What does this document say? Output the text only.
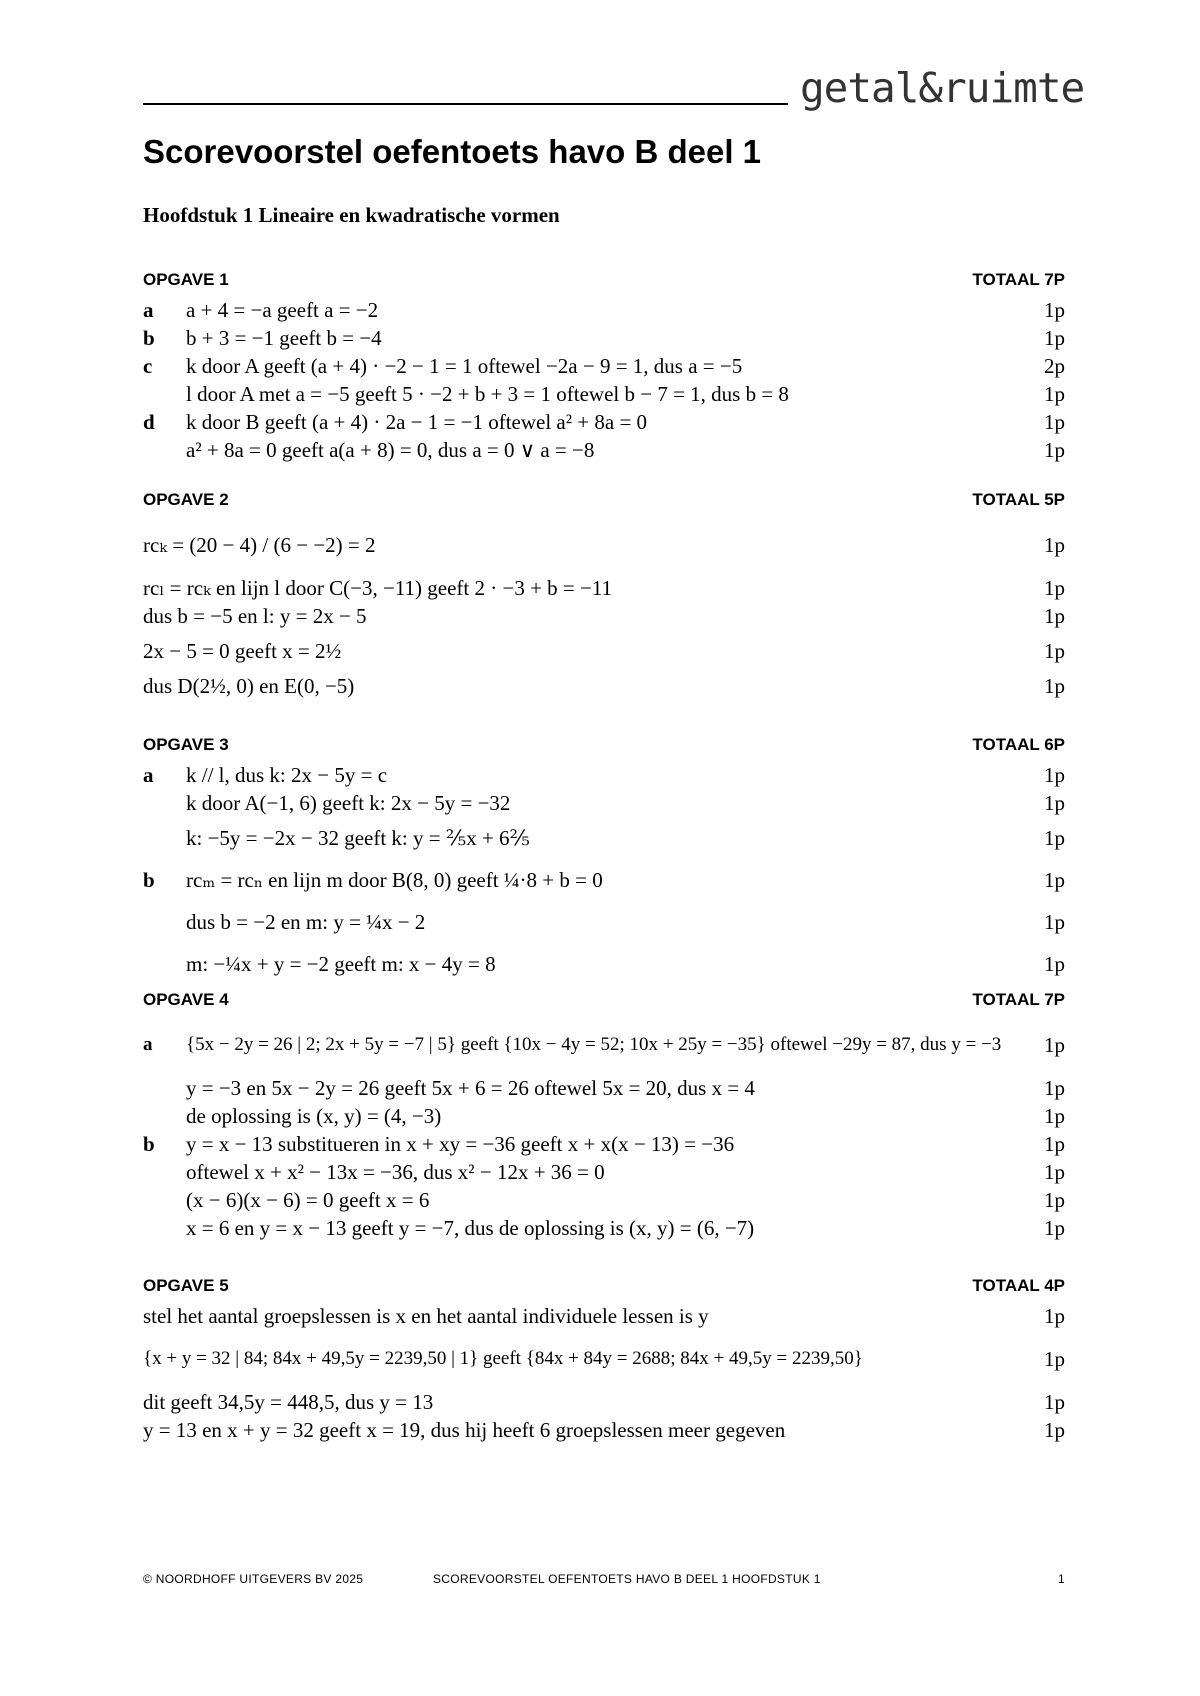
getal&ruimte
Scorevoorstel oefentoets havo B deel 1
Hoofdstuk 1 Lineaire en kwadratische vormen
OPGAVE 1	TOTAAL 7P
a a + 4 = −a geeft a = −2	1p
b b + 3 = −1 geeft b = −4	1p
c k door A geeft (a + 4) · −2 − 1 = 1 oftewel −2a − 9 = 1, dus a = −5	2p
l door A met a = −5 geeft 5 · −2 + b + 3 = 1 oftewel b − 7 = 1, dus b = 8	1p
d k door B geeft (a + 4) · 2a − 1 = −1 oftewel a² + 8a = 0	1p
a² + 8a = 0 geeft a(a + 8) = 0, dus a = 0 ∨ a = −8	1p
OPGAVE 2	TOTAAL 5P
rcₖ = (20 − 4) / (6 − −2) = 2	1p
rcₗ = rcₖ en lijn l door C(−3, −11) geeft 2 · −3 + b = −11	1p
dus b = −5 en l: y = 2x − 5	1p
2x − 5 = 0 geeft x = 2½	1p
dus D(2½, 0) en E(0, −5)	1p
OPGAVE 3	TOTAAL 6P
a k // l, dus k: 2x − 5y = c	1p
k door A(−1, 6) geeft k: 2x − 5y = −32	1p
k: −5y = −2x − 32 geeft k: y = ⅖x + 6⅖	1p
b rcₘ = rcₙ en lijn m door B(8, 0) geeft ¼·8 + b = 0	1p
dus b = −2 en m: y = ¼x − 2	1p
m: −¼x + y = −2 geeft m: x − 4y = 8	1p
OPGAVE 4	TOTAAL 7P
a {5x − 2y = 26 | 2; 2x + 5y = −7 | 5} geeft {10x − 4y = 52; 10x + 25y = −35} oftewel −29y = 87, dus y = −3 1p
y = −3 en 5x − 2y = 26 geeft 5x + 6 = 26 oftewel 5x = 20, dus x = 4	1p
de oplossing is (x, y) = (4, −3)	1p
b y = x − 13 substitueren in x + xy = −36 geeft x + x(x − 13) = −36	1p
oftewel x + x² − 13x = −36, dus x² − 12x + 36 = 0	1p
(x − 6)(x − 6) = 0 geeft x = 6	1p
x = 6 en y = x − 13 geeft y = −7, dus de oplossing is (x, y) = (6, −7)	1p
OPGAVE 5	TOTAAL 4P
stel het aantal groepslessen is x en het aantal individuele lessen is y	1p
{x + y = 32 | 84; 84x + 49,5y = 2239,50 | 1} geeft {84x + 84y = 2688; 84x + 49,5y = 2239,50}	1p
dit geeft 34,5y = 448,5, dus y = 13	1p
y = 13 en x + y = 32 geeft x = 19, dus hij heeft 6 groepslessen meer gegeven	1p
© NOORDHOFF UITGEVERS BV 2025	SCOREVOORSTEL OEFENTOETS HAVO B DEEL 1 HOOFDSTUK 1	1
